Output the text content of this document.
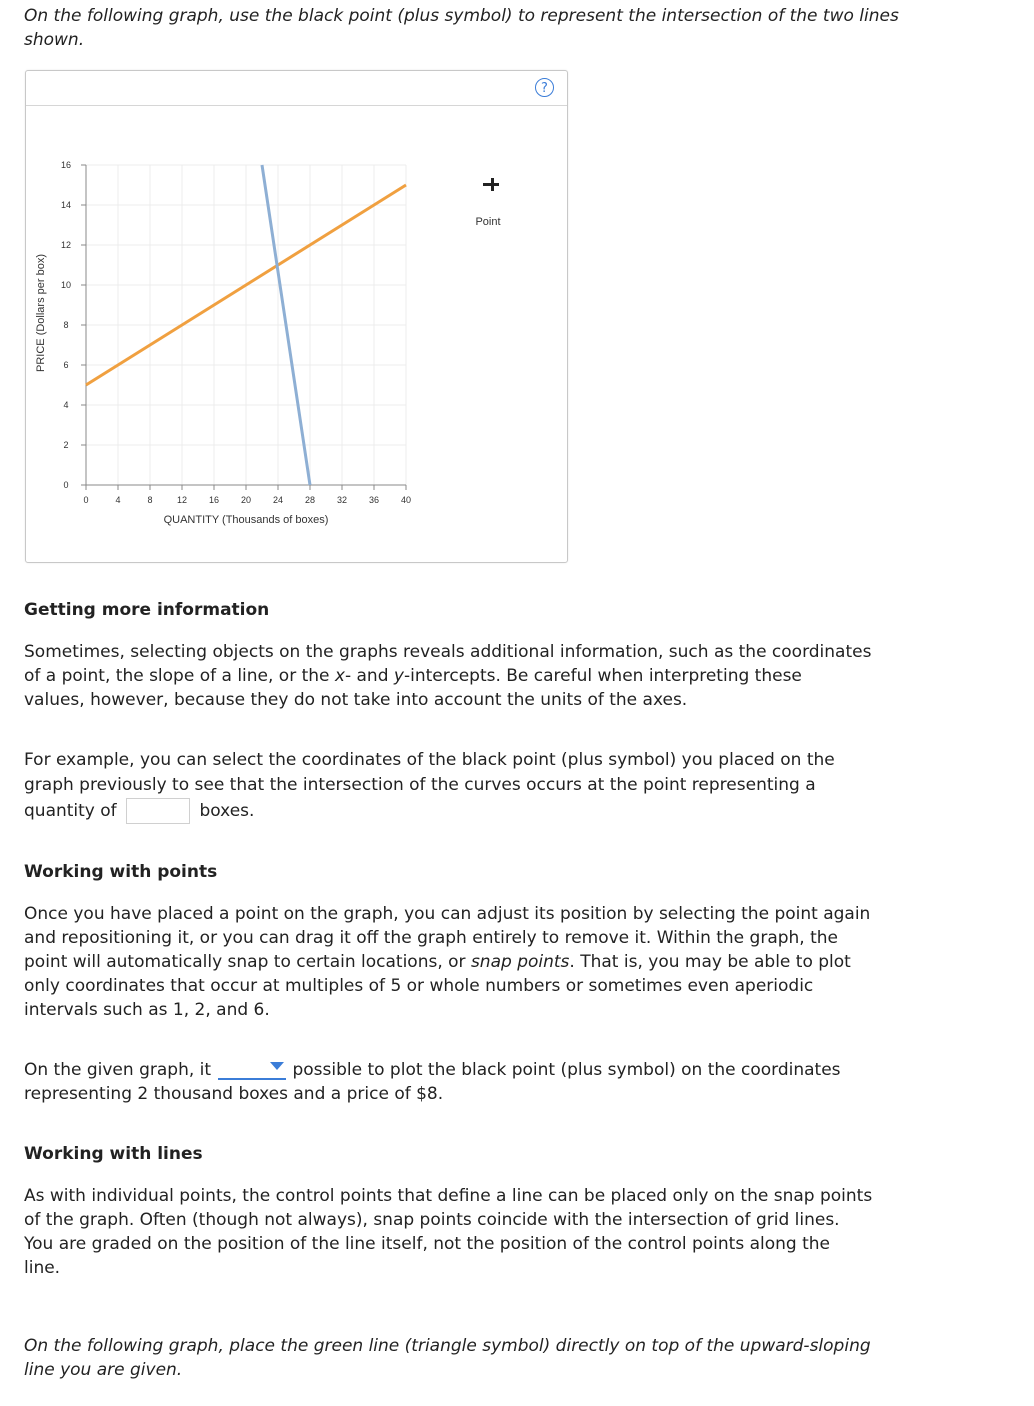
On the following graph, use the black point (plus symbol) to represent the intersection of the two lines shown.

?
0	4	8	12 16 20 24 28 32 36 40
0
2
4
6
8
10
12
14
16
PRICE (Dollars per box)
QUANTITY (Thousands of boxes)
Point

Getting more information

Sometimes, selecting objects on the graphs reveals additional information, such as the coordinates
of a point, the slope of a line, or the x- and y-intercepts. Be careful when interpreting these
values, however, because they do not take into account the units of the axes.

For example, you can select the coordinates of the black point (plus symbol) you placed on the
graph previously to see that the intersection of the curves occurs at the point representing a
quantity of	boxes.

Working with points

Once you have placed a point on the graph, you can adjust its position by selecting the point again
and repositioning it, or you can drag it off the graph entirely to remove it. Within the graph, the
point will automatically snap to certain locations, or snap points. That is, you may be able to plot
only coordinates that occur at multiples of 5 or whole numbers or sometimes even aperiodic
intervals such as 1, 2, and 6.

On the given graph, it	possible to plot the black point (plus symbol) on the coordinates
representing 2 thousand boxes and a price of $8.

Working with lines

As with individual points, the control points that define a line can be placed only on the snap points
of the graph. Often (though not always), snap points coincide with the intersection of grid lines.
You are graded on the position of the line itself, not the position of the control points along the
line.

On the following graph, place the green line (triangle symbol) directly on top of the upward-sloping
line you are given.
